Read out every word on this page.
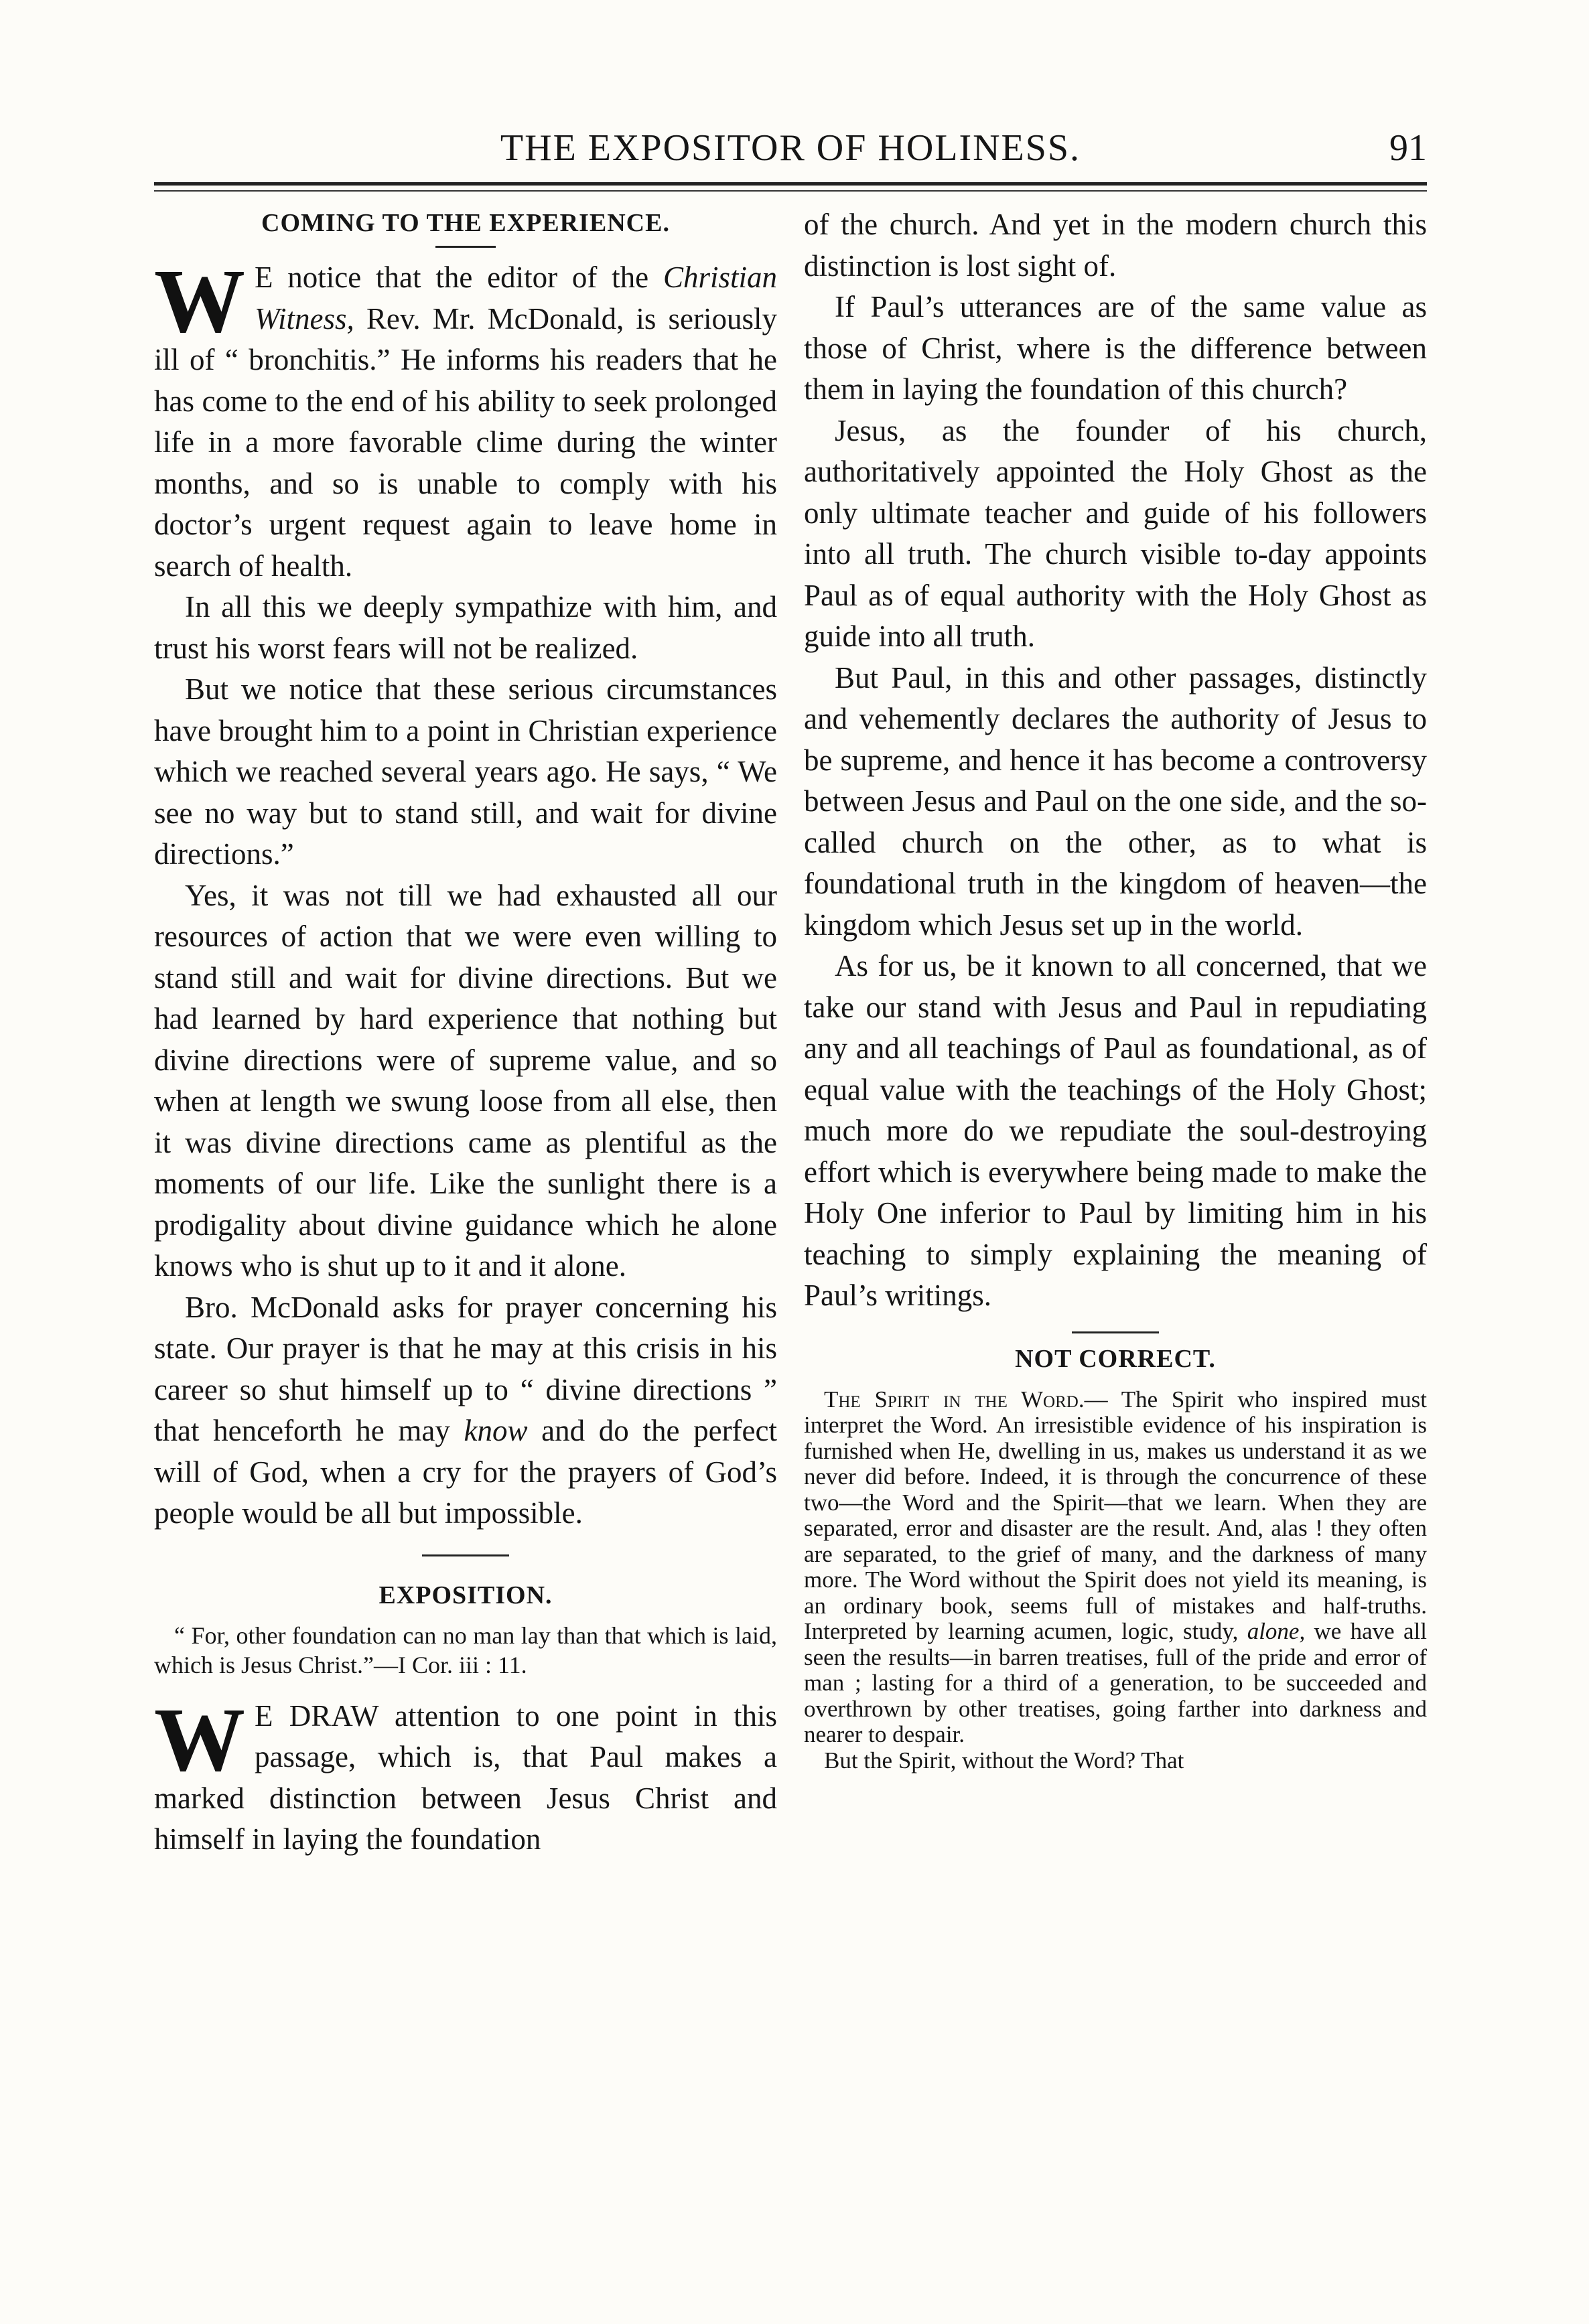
THE EXPOSITOR OF HOLINESS.	91
COMING TO THE EXPERIENCE.

W E notice that the editor of the Christian Witness, Rev. Mr. McDonald, is seriously ill of “ bronchitis.” He informs his readers that he has come to the end of his ability to seek prolonged life in a more favorable clime during the winter months, and so is unable to comply with his doctor’s urgent request again to leave home in search of health.

In all this we deeply sympathize with him, and trust his worst fears will not be realized.

But we notice that these serious circumstances have brought him to a point in Christian experience which we reached several years ago. He says, “ We see no way but to stand still, and wait for divine directions.”

Yes, it was not till we had exhausted all our resources of action that we were even willing to stand still and wait for divine directions. But we had learned by hard experience that nothing but divine directions were of supreme value, and so when at length we swung loose from all else, then it was divine directions came as plentiful as the moments of our life. Like the sunlight there is a prodigality about divine guidance which he alone knows who is shut up to it and it alone.

Bro. McDonald asks for prayer concerning his state. Our prayer is that he may at this crisis in his career so shut himself up to “ divine directions ” that henceforth he may know and do the perfect will of God, when a cry for the prayers of God’s people would be all but impossible.

EXPOSITION.
“ For, other foundation can no man lay than that which is laid, which is Jesus Christ.”—I Cor. iii : 11.

W E DRAW attention to one point in this passage, which is, that Paul makes a marked distinction between Jesus Christ and himself in laying the foundation

of the church. And yet in the modern church this distinction is lost sight of.

If Paul’s utterances are of the same value as those of Christ, where is the difference between them in laying the foundation of this church?

Jesus, as the founder of his church, authoritatively appointed the Holy Ghost as the only ultimate teacher and guide of his followers into all truth. The church visible to-day appoints Paul as of equal authority with the Holy Ghost as guide into all truth.

But Paul, in this and other passages, distinctly and vehemently declares the authority of Jesus to be supreme, and hence it has become a controversy between Jesus and Paul on the one side, and the so-called church on the other, as to what is foundational truth in the kingdom of heaven—the kingdom which Jesus set up in the world.

As for us, be it known to all concerned, that we take our stand with Jesus and Paul in repudiating any and all teachings of Paul as foundational, as of equal value with the teachings of the Holy Ghost; much more do we repudiate the soul-destroying effort which is everywhere being made to make the Holy One inferior to Paul by limiting him in his teaching to simply explaining the meaning of Paul’s writings.

NOT CORRECT.

The Spirit in the Word.— The Spirit who inspired must interpret the Word. An irresistible evidence of his inspiration is furnished when He, dwelling in us, makes us understand it as we never did before. Indeed, it is through the concurrence of these two—the Word and the Spirit—that we learn. When they are separated, error and disaster are the result. And, alas ! they often are separated, to the grief of many, and the darkness of many more. The Word without the Spirit does not yield its meaning, is an ordinary book, seems full of mistakes and half-truths. Interpreted by learning acumen, logic, study, alone, we have all seen the results—in barren treatises, full of the pride and error of man ; lasting for a third of a generation, to be succeeded and overthrown by other treatises, going farther into darkness and nearer to despair.

But the Spirit, without the Word? That
